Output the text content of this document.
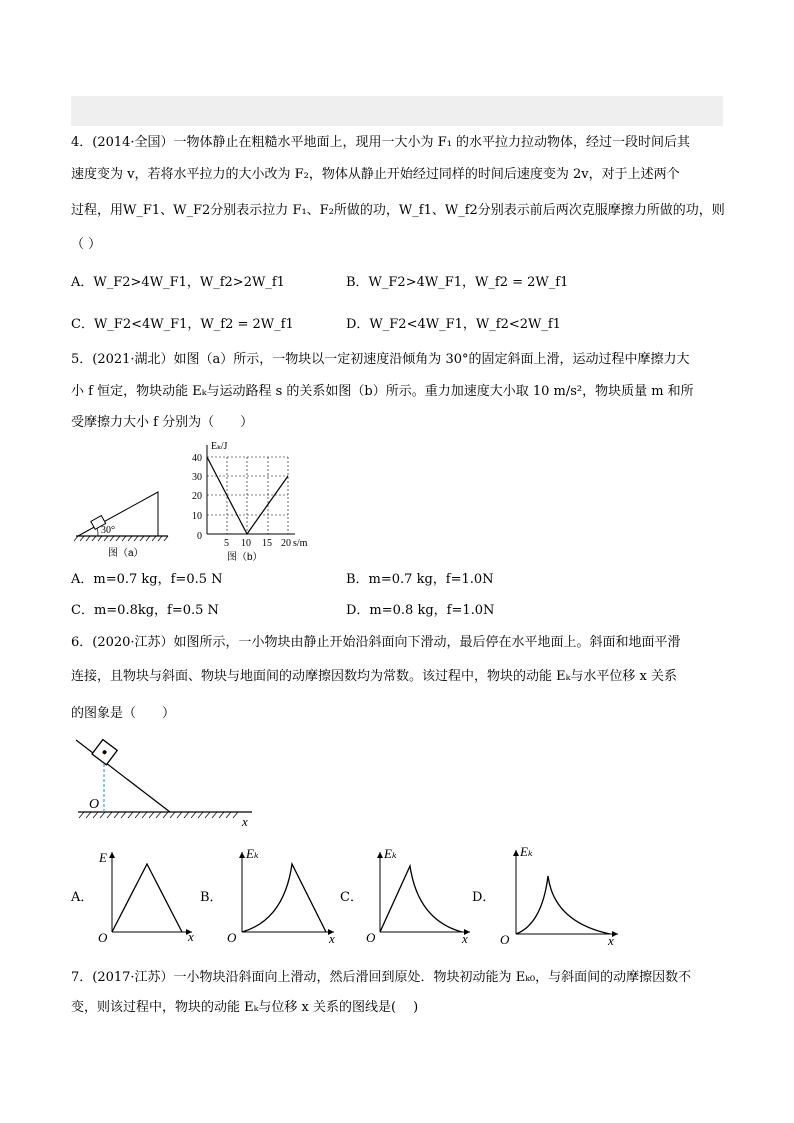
4．(2014·全国）一物体静止在粗糙水平地面上，现用一大小为 F₁ 的水平拉力拉动物体，经过一段时间后其
速度变为 v，若将水平拉力的大小改为 F₂，物体从静止开始经过同样的时间后速度变为 2v，对于上述两个
过程，用W_F1、W_F2分别表示拉力 F₁、F₂所做的功，W_f1、W_f2分别表示前后两次克服摩擦力所做的功，则
（ ）
A．W_F2>4W_F1，W_f2>2W_f1	B．W_F2>4W_F1，W_f2 = 2W_f1
C．W_F2<4W_F1，W_f2 = 2W_f1	D．W_F2<4W_F1，W_f2<2W_f1
5．(2021·湖北）如图（a）所示，一物块以一定初速度沿倾角为 30°的固定斜面上滑，运动过程中摩擦力大
小 f 恒定，物块动能 Eₖ与运动路程 s 的关系如图（b）所示。重力加速度大小取 10 m/s²，物块质量 m 和所
受摩擦力大小 f 分别为（　　）
30°
图（a）
Eₖ/J
40
30
20
10
0
5 10 15 20 s/m
图（b）
A．m=0.7 kg，f=0.5 N	B．m=0.7 kg，f=1.0N
C．m=0.8kg，f=0.5 N	D．m=0.8 kg，f=1.0N
6．(2020·江苏）如图所示，一小物块由静止开始沿斜面向下滑动，最后停在水平地面上。斜面和地面平滑
连接，且物块与斜面、物块与地面间的动摩擦因数均为常数。该过程中，物块的动能 Eₖ与水平位移 x 关系
的图象是（　　）
O
x
A．
E
O	x
B．
Eₖ
O	x
C．
Eₖ
O	x
D．
Eₖ
O	x
7．(2017·江苏）一小物块沿斜面向上滑动，然后滑回到原处．物块初动能为 Eₖ₀，与斜面间的动摩擦因数不
变，则该过程中，物块的动能 Eₖ与位移 x 关系的图线是(　 )
